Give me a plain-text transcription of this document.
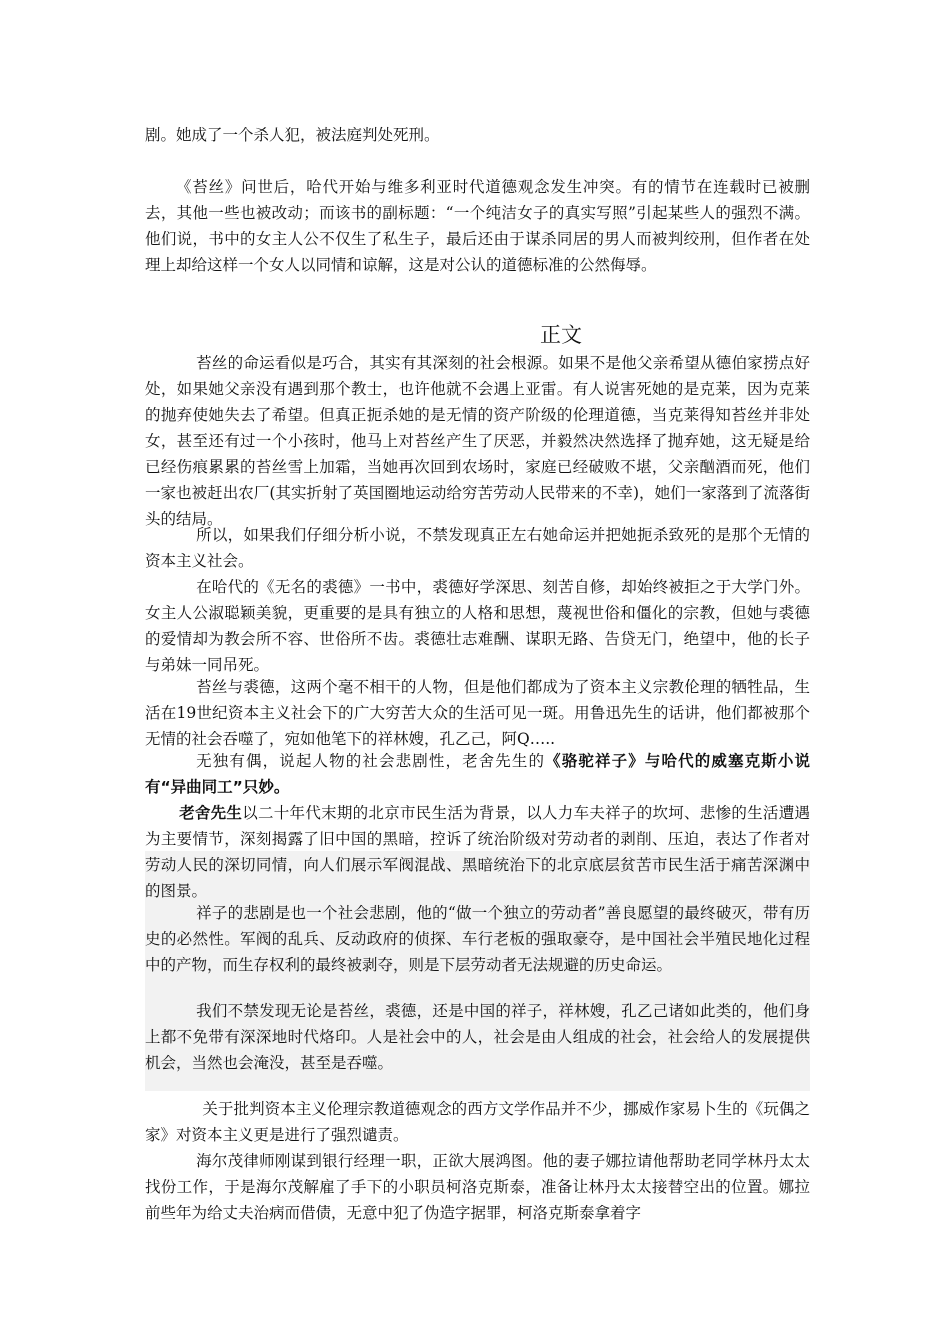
剧。她成了一个杀人犯，被法庭判处死刑。

《苔丝》问世后，哈代开始与维多利亚时代道德观念发生冲突。有的情节在连载时已被删去，其他一些也被改动；而该书的副标题：“一个纯洁女子的真实写照”引起某些人的强烈不满。他们说，书中的女主人公不仅生了私生子，最后还由于谋杀同居的男人而被判绞刑，但作者在处理上却给这样一个女人以同情和谅解，这是对公认的道德标准的公然侮辱。

正文

苔丝的命运看似是巧合，其实有其深刻的社会根源。如果不是他父亲希望从德伯家捞点好处，如果她父亲没有遇到那个教士，也许他就不会遇上亚雷。有人说害死她的是克莱，因为克莱的抛弃使她失去了希望。但真正扼杀她的是无情的资产阶级的伦理道德，当克莱得知苔丝并非处女，甚至还有过一个小孩时，他马上对苔丝产生了厌恶，并毅然决然选择了抛弃她，这无疑是给已经伤痕累累的苔丝雪上加霜，当她再次回到农场时，家庭已经破败不堪，父亲酗酒而死，他们一家也被赶出农厂(其实折射了英国圈地运动给穷苦劳动人民带来的不幸)，她们一家落到了流落街头的结局。

所以，如果我们仔细分析小说，不禁发现真正左右她命运并把她扼杀致死的是那个无情的资本主义社会。

在哈代的《无名的裘德》一书中，裘德好学深思、刻苦自修，却始终被拒之于大学门外。女主人公淑聪颖美貌，更重要的是具有独立的人格和思想，蔑视世俗和僵化的宗教，但她与裘德的爱情却为教会所不容、世俗所不齿。裘德壮志难酬、谋职无路、告贷无门，绝望中，他的长子与弟妹一同吊死。

苔丝与裘德，这两个毫不相干的人物，但是他们都成为了资本主义宗教伦理的牺牲品，生活在19世纪资本主义社会下的广大穷苦大众的生活可见一斑。用鲁迅先生的话讲，他们都被那个无情的社会吞噬了，宛如他笔下的祥林嫂，孔乙己，阿Q…..

无独有偶，说起人物的社会悲剧性，老舍先生的《骆驼祥子》与哈代的威塞克斯小说有“异曲同工”只妙。

老舍先生以二十年代末期的北京市民生活为背景，以人力车夫祥子的坎坷、悲惨的生活遭遇为主要情节，深刻揭露了旧中国的黑暗，控诉了统治阶级对劳动者的剥削、压迫，表达了作者对劳动人民的深切同情，向人们展示军阀混战、黑暗统治下的北京底层贫苦市民生活于痛苦深渊中的图景。

祥子的悲剧是也一个社会悲剧，他的“做一个独立的劳动者”善良愿望的最终破灭，带有历史的必然性。军阀的乱兵、反动政府的侦探、车行老板的强取豪夺，是中国社会半殖民地化过程中的产物，而生存权利的最终被剥夺，则是下层劳动者无法规避的历史命运。

我们不禁发现无论是苔丝，裘德，还是中国的祥子，祥林嫂，孔乙己诸如此类的，他们身上都不免带有深深地时代烙印。人是社会中的人，社会是由人组成的社会，社会给人的发展提供机会，当然也会淹没，甚至是吞噬。

关于批判资本主义伦理宗教道德观念的西方文学作品并不少，挪威作家易卜生的《玩偶之家》对资本主义更是进行了强烈谴责。

海尔茂律师刚谋到银行经理一职，正欲大展鸿图。他的妻子娜拉请他帮助老同学林丹太太找份工作，于是海尔茂解雇了手下的小职员柯洛克斯泰，准备让林丹太太接替空出的位置。娜拉前些年为给丈夫治病而借债，无意中犯了伪造字据罪，柯洛克斯泰拿着字
